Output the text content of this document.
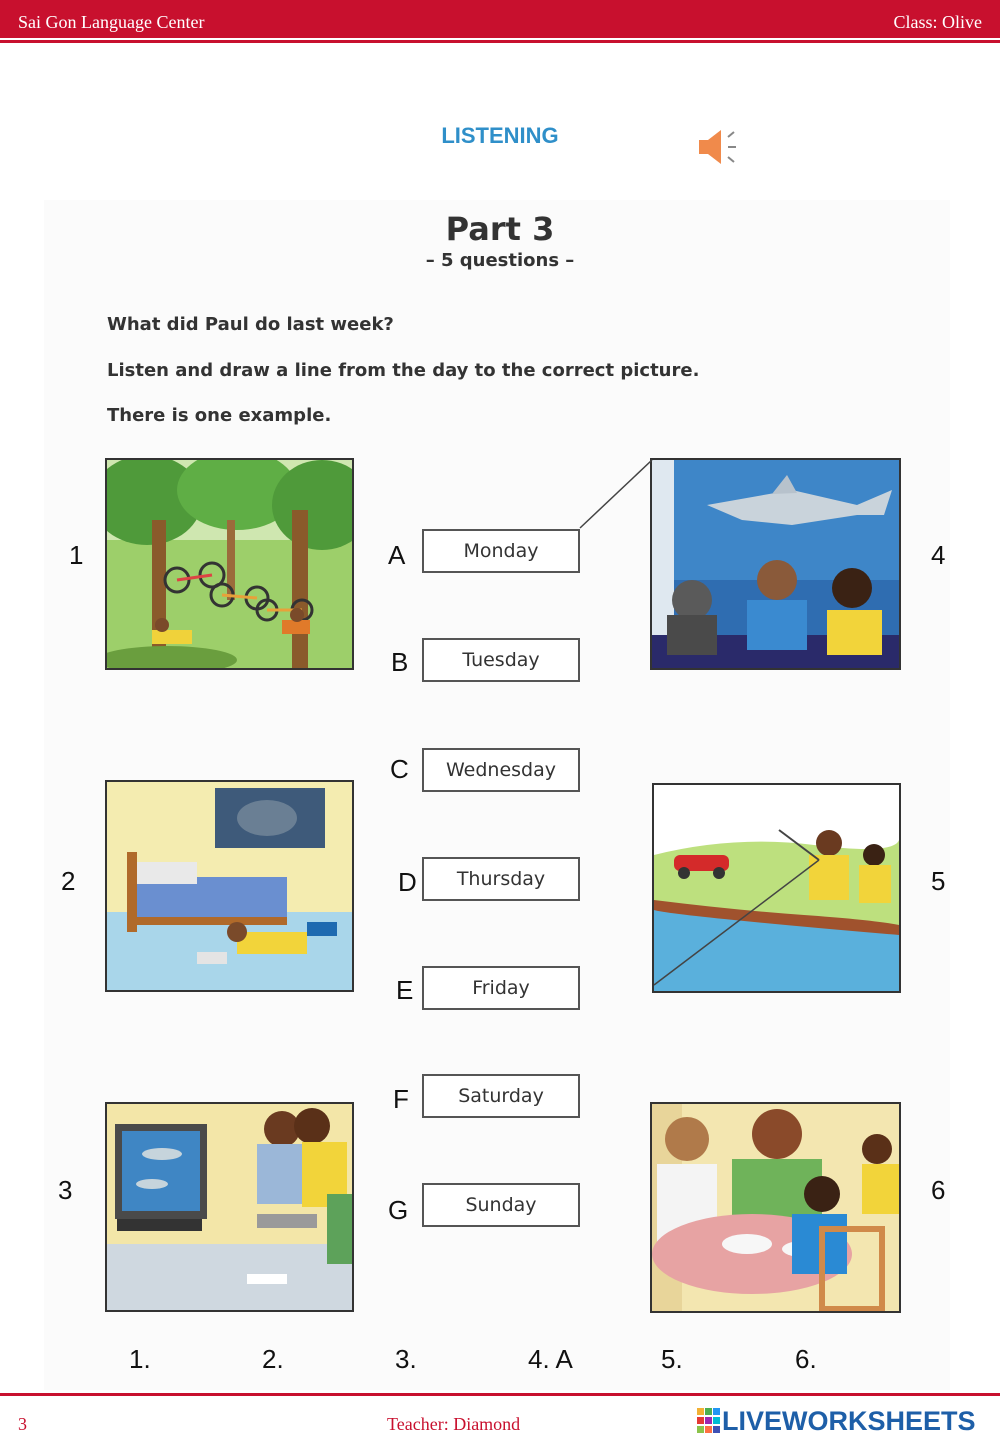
Sai Gon Language Center	Class: Olive
LISTENING
Part 3
– 5 questions –
What did Paul do last week?
Listen and draw a line from the day to the correct picture.
There is one example.
1
2
3
4
5
6
A	Monday
B	Tuesday
C	Wednesday
D	Thursday
E	Friday
F	Saturday
G	Sunday
1.	2.	3.	4. A	5.	6.
3	Teacher: Diamond	LIVEWORKSHEETS
